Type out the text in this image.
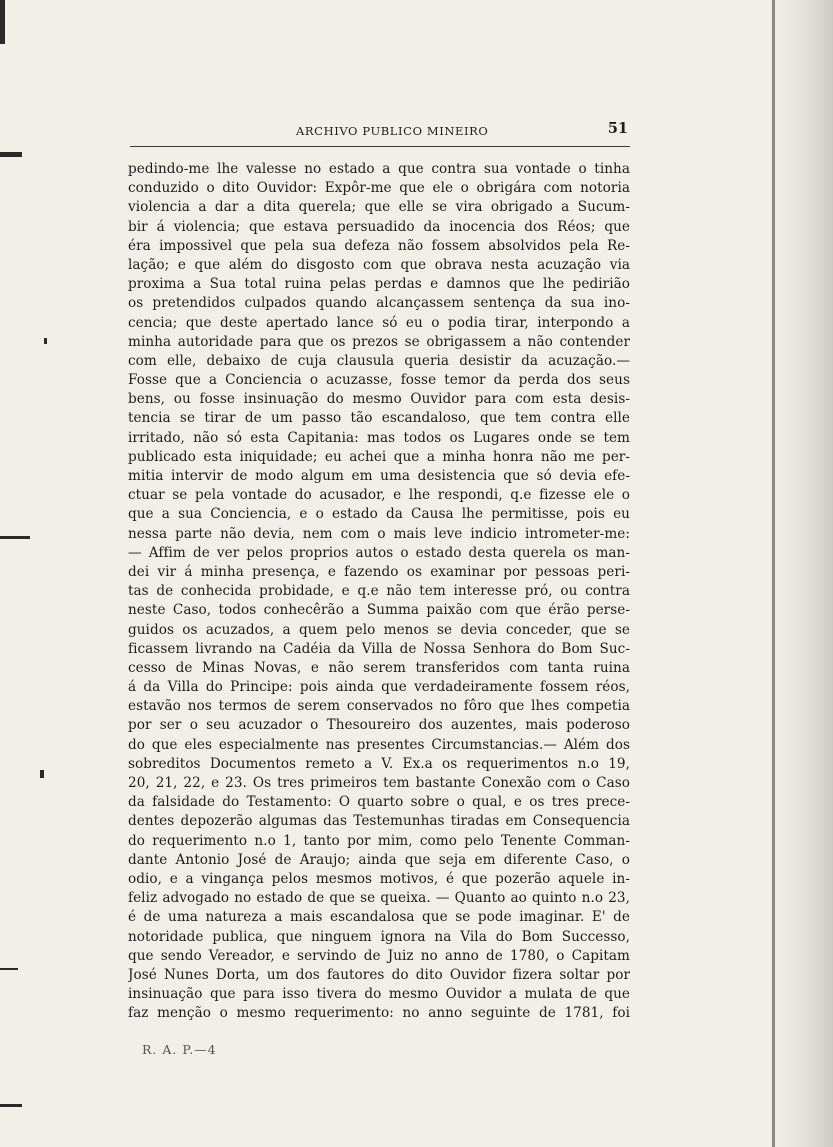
ARCHIVO PUBLICO MINEIRO	51
pedindo-me lhe valesse no estado a que contra sua vontade o tinha
conduzido o dito Ouvidor: Expôr-me que ele o obrigára com notoria
violencia a dar a dita querela; que elle se vira obrigado a Sucum-
bir á violencia; que estava persuadido da inocencia dos Réos; que
éra impossivel que pela sua defeza não fossem absolvidos pela Re-
lação; e que além do disgosto com que obrava nesta acuzação via
proxima a Sua total ruina pelas perdas e damnos que lhe pedirião
os pretendidos culpados quando alcançassem sentença da sua ino-
cencia; que deste apertado lance só eu o podia tirar, interpondo a
minha autoridade para que os prezos se obrigassem a não contender
com elle, debaixo de cuja clausula queria desistir da acuzação.—
Fosse que a Conciencia o acuzasse, fosse temor da perda dos seus
bens, ou fosse insinuação do mesmo Ouvidor para com esta desis-
tencia se tirar de um passo tão escandaloso, que tem contra elle
irritado, não só esta Capitania: mas todos os Lugares onde se tem
publicado esta iniquidade; eu achei que a minha honra não me per-
mitia intervir de modo algum em uma desistencia que só devia efe-
ctuar se pela vontade do acusador, e lhe respondi, q.e fizesse ele o
que a sua Conciencia, e o estado da Causa lhe permitisse, pois eu
nessa parte não devia, nem com o mais leve indicio intrometer-me:
— Affim de ver pelos proprios autos o estado desta querela os man-
dei vir á minha presença, e fazendo os examinar por pessoas peri-
tas de conhecida probidade, e q.e não tem interesse pró, ou contra
neste Caso, todos conhecêrão a Summa paixão com que érão perse-
guidos os acuzados, a quem pelo menos se devia conceder, que se
ficassem livrando na Cadéia da Villa de Nossa Senhora do Bom Suc-
cesso de Minas Novas, e não serem transferidos com tanta ruina
á da Villa do Principe: pois ainda que verdadeiramente fossem réos,
estavão nos termos de serem conservados no fôro que lhes competia
por ser o seu acuzador o Thesoureiro dos auzentes, mais poderoso
do que eles especialmente nas presentes Circumstancias.— Além dos
sobreditos Documentos remeto a V. Ex.a os requerimentos n.o 19,
20, 21, 22, e 23. Os tres primeiros tem bastante Conexão com o Caso
da falsidade do Testamento: O quarto sobre o qual, e os tres prece-
dentes depozerão algumas das Testemunhas tiradas em Consequencia
do requerimento n.o 1, tanto por mim, como pelo Tenente Comman-
dante Antonio José de Araujo; ainda que seja em diferente Caso, o
odio, e a vingança pelos mesmos motivos, é que pozerão aquele in-
feliz advogado no estado de que se queixa. — Quanto ao quinto n.o 23,
é de uma natureza a mais escandalosa que se pode imaginar. E' de
notoridade publica, que ninguem ignora na Vila do Bom Successo,
que sendo Vereador, e servindo de Juiz no anno de 1780, o Capitam
José Nunes Dorta, um dos fautores do dito Ouvidor fizera soltar por
insinuação que para isso tivera do mesmo Ouvidor a mulata de que
faz menção o mesmo requerimento: no anno seguinte de 1781, foi
R. A. P.—4
